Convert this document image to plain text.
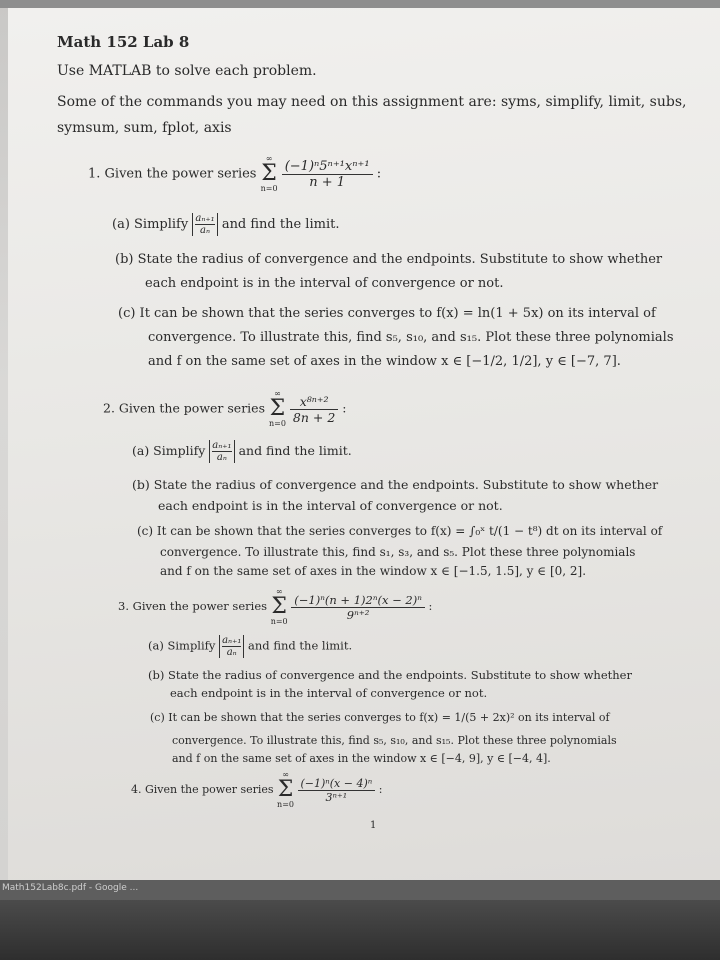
Math 152 Lab 8
Use MATLAB to solve each problem.
Some of the commands you may need on this assignment are: syms, simplify, limit, subs,
symsum, sum, fplot, axis
1. Given the power series
∞
Σ
n=0
$\frac{\text{(−1)ⁿ5ⁿ⁺¹xⁿ⁺¹}}{n + 1}$ :
(a) Simplify $\frac{\text{aₙ₊₁}}{\text{aₙ}}$ and find the limit.
(b) State the radius of convergence and the endpoints. Substitute to show whether
each endpoint is in the interval of convergence or not.
(c) It can be shown that the series converges to f(x) = ln(1 + 5x) on its interval of
convergence. To illustrate this, find s₅, s₁₀, and s₁₅. Plot these three polynomials
and f on the same set of axes in the window x ∈ [−1/2, 1/2], y ∈ [−7, 7].
2. Given the power series
∞
Σ
n=0
$\frac{\text{x⁸ⁿ⁺²}}{8n + 2}$ :
(a) Simplify $\frac{\text{aₙ₊₁}}{\text{aₙ}}$ and find the limit.
(b) State the radius of convergence and the endpoints. Substitute to show whether
each endpoint is in the interval of convergence or not.
(c) It can be shown that the series converges to f(x) = ∫₀ˣ t/(1 − t⁸) dt on its interval of
convergence. To illustrate this, find s₁, s₃, and s₅. Plot these three polynomials
and f on the same set of axes in the window x ∈ [−1.5, 1.5], y ∈ [0, 2].
3. Given the power series
∞
Σ
n=0
$\frac{\text{(−1)ⁿ(n + 1)2ⁿ(x − 2)ⁿ}}{\text{9ⁿ⁺²}}$ :
(a) Simplify $\frac{\text{aₙ₊₁}}{\text{aₙ}}$ and find the limit.
(b) State the radius of convergence and the endpoints. Substitute to show whether
each endpoint is in the interval of convergence or not.
(c) It can be shown that the series converges to f(x) = 1/(5 + 2x)² on its interval of
convergence. To illustrate this, find s₅, s₁₀, and s₁₅. Plot these three polynomials
and f on the same set of axes in the window x ∈ [−4, 9], y ∈ [−4, 4].
4. Given the power series
∞
Σ
n=0

$\frac{\text{(−1)ⁿ(x − 4)ⁿ}}{\text{3ⁿ⁺¹}}$ :
1
Math152Lab8c.pdf - Google ...
